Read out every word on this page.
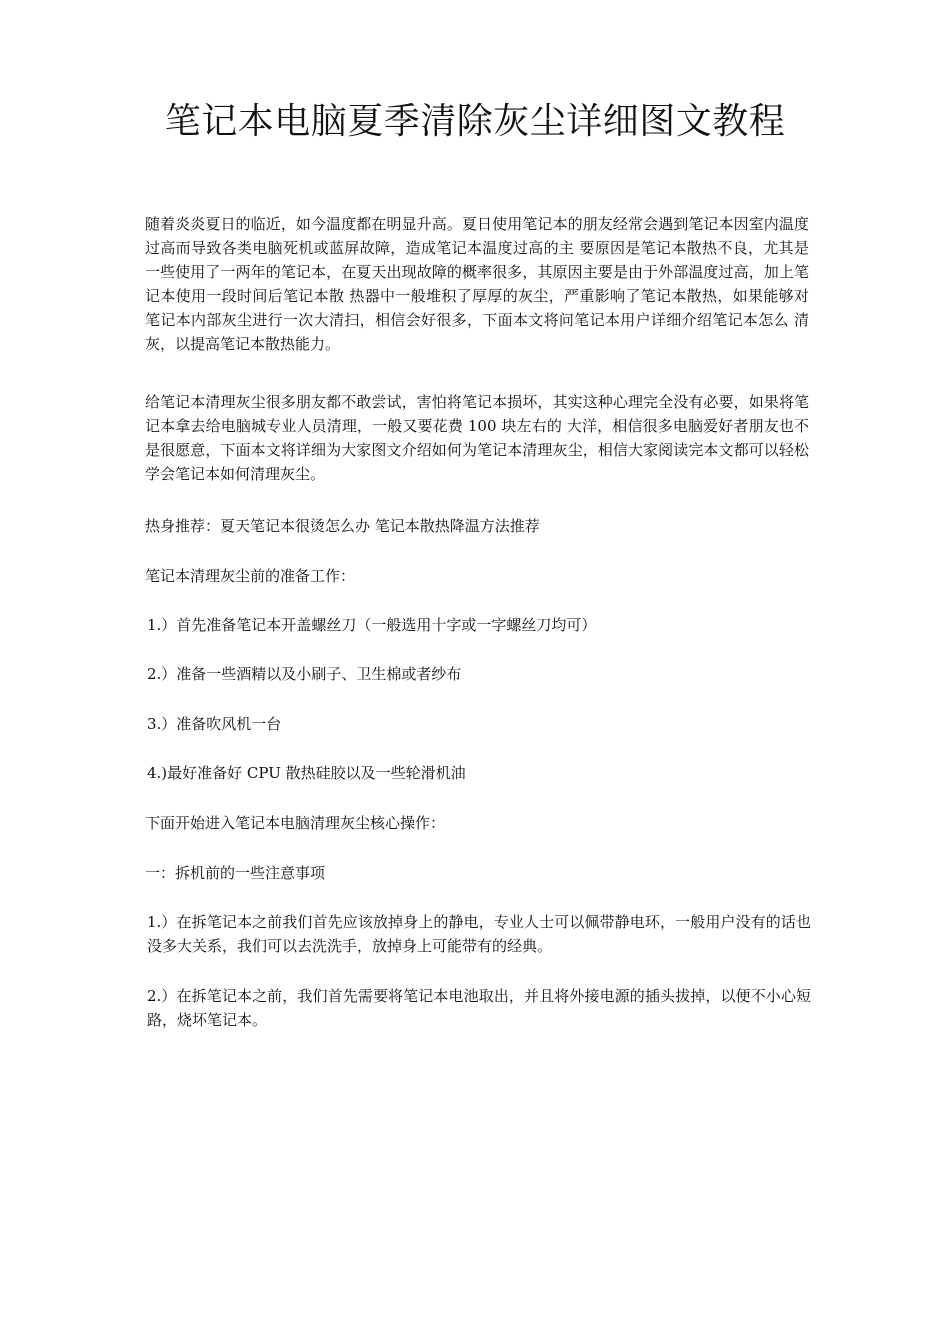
笔记本电脑夏季清除灰尘详细图文教程

随着炎炎夏日的临近，如今温度都在明显升高。夏日使用笔记本的朋友经常会遇到笔记本因室内温度过高而导致各类电脑死机或蓝屏故障，造成笔记本温度过高的主 要原因是笔记本散热不良，尤其是一些使用了一两年的笔记本，在夏天出现故障的概率很多，其原因主要是由于外部温度过高，加上笔记本使用一段时间后笔记本散 热器中一般堆积了厚厚的灰尘，严重影响了笔记本散热，如果能够对笔记本内部灰尘进行一次大清扫，相信会好很多，下面本文将问笔记本用户详细介绍笔记本怎么 清灰，以提高笔记本散热能力。

给笔记本清理灰尘很多朋友都不敢尝试，害怕将笔记本损坏，其实这种心理完全没有必要，如果将笔记本拿去给电脑城专业人员清理，一般又要花费 100 块左右的 大洋，相信很多电脑爱好者朋友也不是很愿意，下面本文将详细为大家图文介绍如何为笔记本清理灰尘，相信大家阅读完本文都可以轻松学会笔记本如何清理灰尘。

热身推荐：夏天笔记本很烫怎么办 笔记本散热降温方法推荐

笔记本清理灰尘前的准备工作：

1.）首先准备笔记本开盖螺丝刀（一般选用十字或一字螺丝刀均可）

2.）准备一些酒精以及小刷子、卫生棉或者纱布

3.）准备吹风机一台

4.)最好准备好 CPU 散热硅胶以及一些轮滑机油

下面开始进入笔记本电脑清理灰尘核心操作：

一：拆机前的一些注意事项

1.）在拆笔记本之前我们首先应该放掉身上的静电，专业人士可以佩带静电环，一般用户没有的话也没多大关系，我们可以去洗洗手，放掉身上可能带有的经典。

2.）在拆笔记本之前，我们首先需要将笔记本电池取出，并且将外接电源的插头拔掉，以便不小心短路，烧坏笔记本。
